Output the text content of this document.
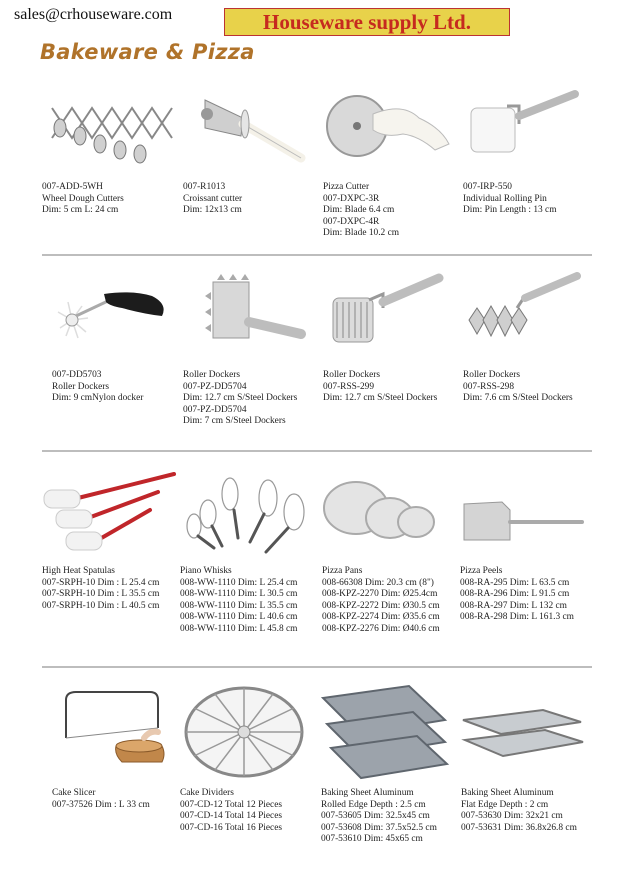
sales@crhouseware.com	Houseware supply Ltd.
Bakeware & Pizza
007-ADD-5WH
Wheel Dough Cutters
Dim: 5 cm L: 24 cm
007-R1013
Croissant cutter
Dim: 12x13 cm
Pizza Cutter
007-DXPC-3R
Dim: Blade 6.4 cm
007-DXPC-4R
Dim: Blade 10.2 cm
007-IRP-550
Individual Rolling Pin
Dim: Pin Length : 13 cm
007-DD5703
Roller Dockers
Dim: 9 cmNylon docker
Roller Dockers
007-PZ-DD5704
Dim: 12.7 cm S/Steel Dockers
007-PZ-DD5704
Dim: 7 cm S/Steel Dockers
Roller Dockers
007-RSS-299
Dim: 12.7 cm S/Steel Dockers
Roller Dockers
007-RSS-298
Dim: 7.6 cm S/Steel Dockers
High Heat Spatulas
007-SRPH-10 Dim : L 25.4 cm
007-SRPH-10 Dim : L 35.5 cm
007-SRPH-10 Dim : L 40.5 cm
Piano Whisks
008-WW-1110 Dim: L 25.4 cm
008-WW-1110 Dim: L 30.5 cm
008-WW-1110 Dim: L 35.5 cm
008-WW-1110 Dim: L 40.6 cm
008-WW-1110 Dim: L 45.8 cm
Pizza Pans
008-66308 Dim: 20.3 cm (8")
008-KPZ-2270 Dim: Ø25.4cm
008-KPZ-2272 Dim: Ø30.5 cm
008-KPZ-2274 Dim: Ø35.6 cm
008-KPZ-2276 Dim: Ø40.6 cm
Pizza Peels
008-RA-295 Dim: L 63.5 cm
008-RA-296 Dim: L 91.5 cm
008-RA-297 Dim: L 132 cm
008-RA-298 Dim: L 161.3 cm
Cake Slicer
007-37526 Dim : L 33 cm
Cake Dividers
007-CD-12 Total 12 Pieces
007-CD-14 Total 14 Pieces
007-CD-16 Total 16 Pieces
Baking Sheet Aluminum
Rolled Edge Depth : 2.5 cm
007-53605 Dim: 32.5x45 cm
007-53608 Dim: 37.5x52.5 cm
007-53610 Dim: 45x65 cm
Baking Sheet Aluminum
Flat Edge Depth : 2 cm
007-53630 Dim: 32x21 cm
007-53631 Dim: 36.8x26.8 cm
